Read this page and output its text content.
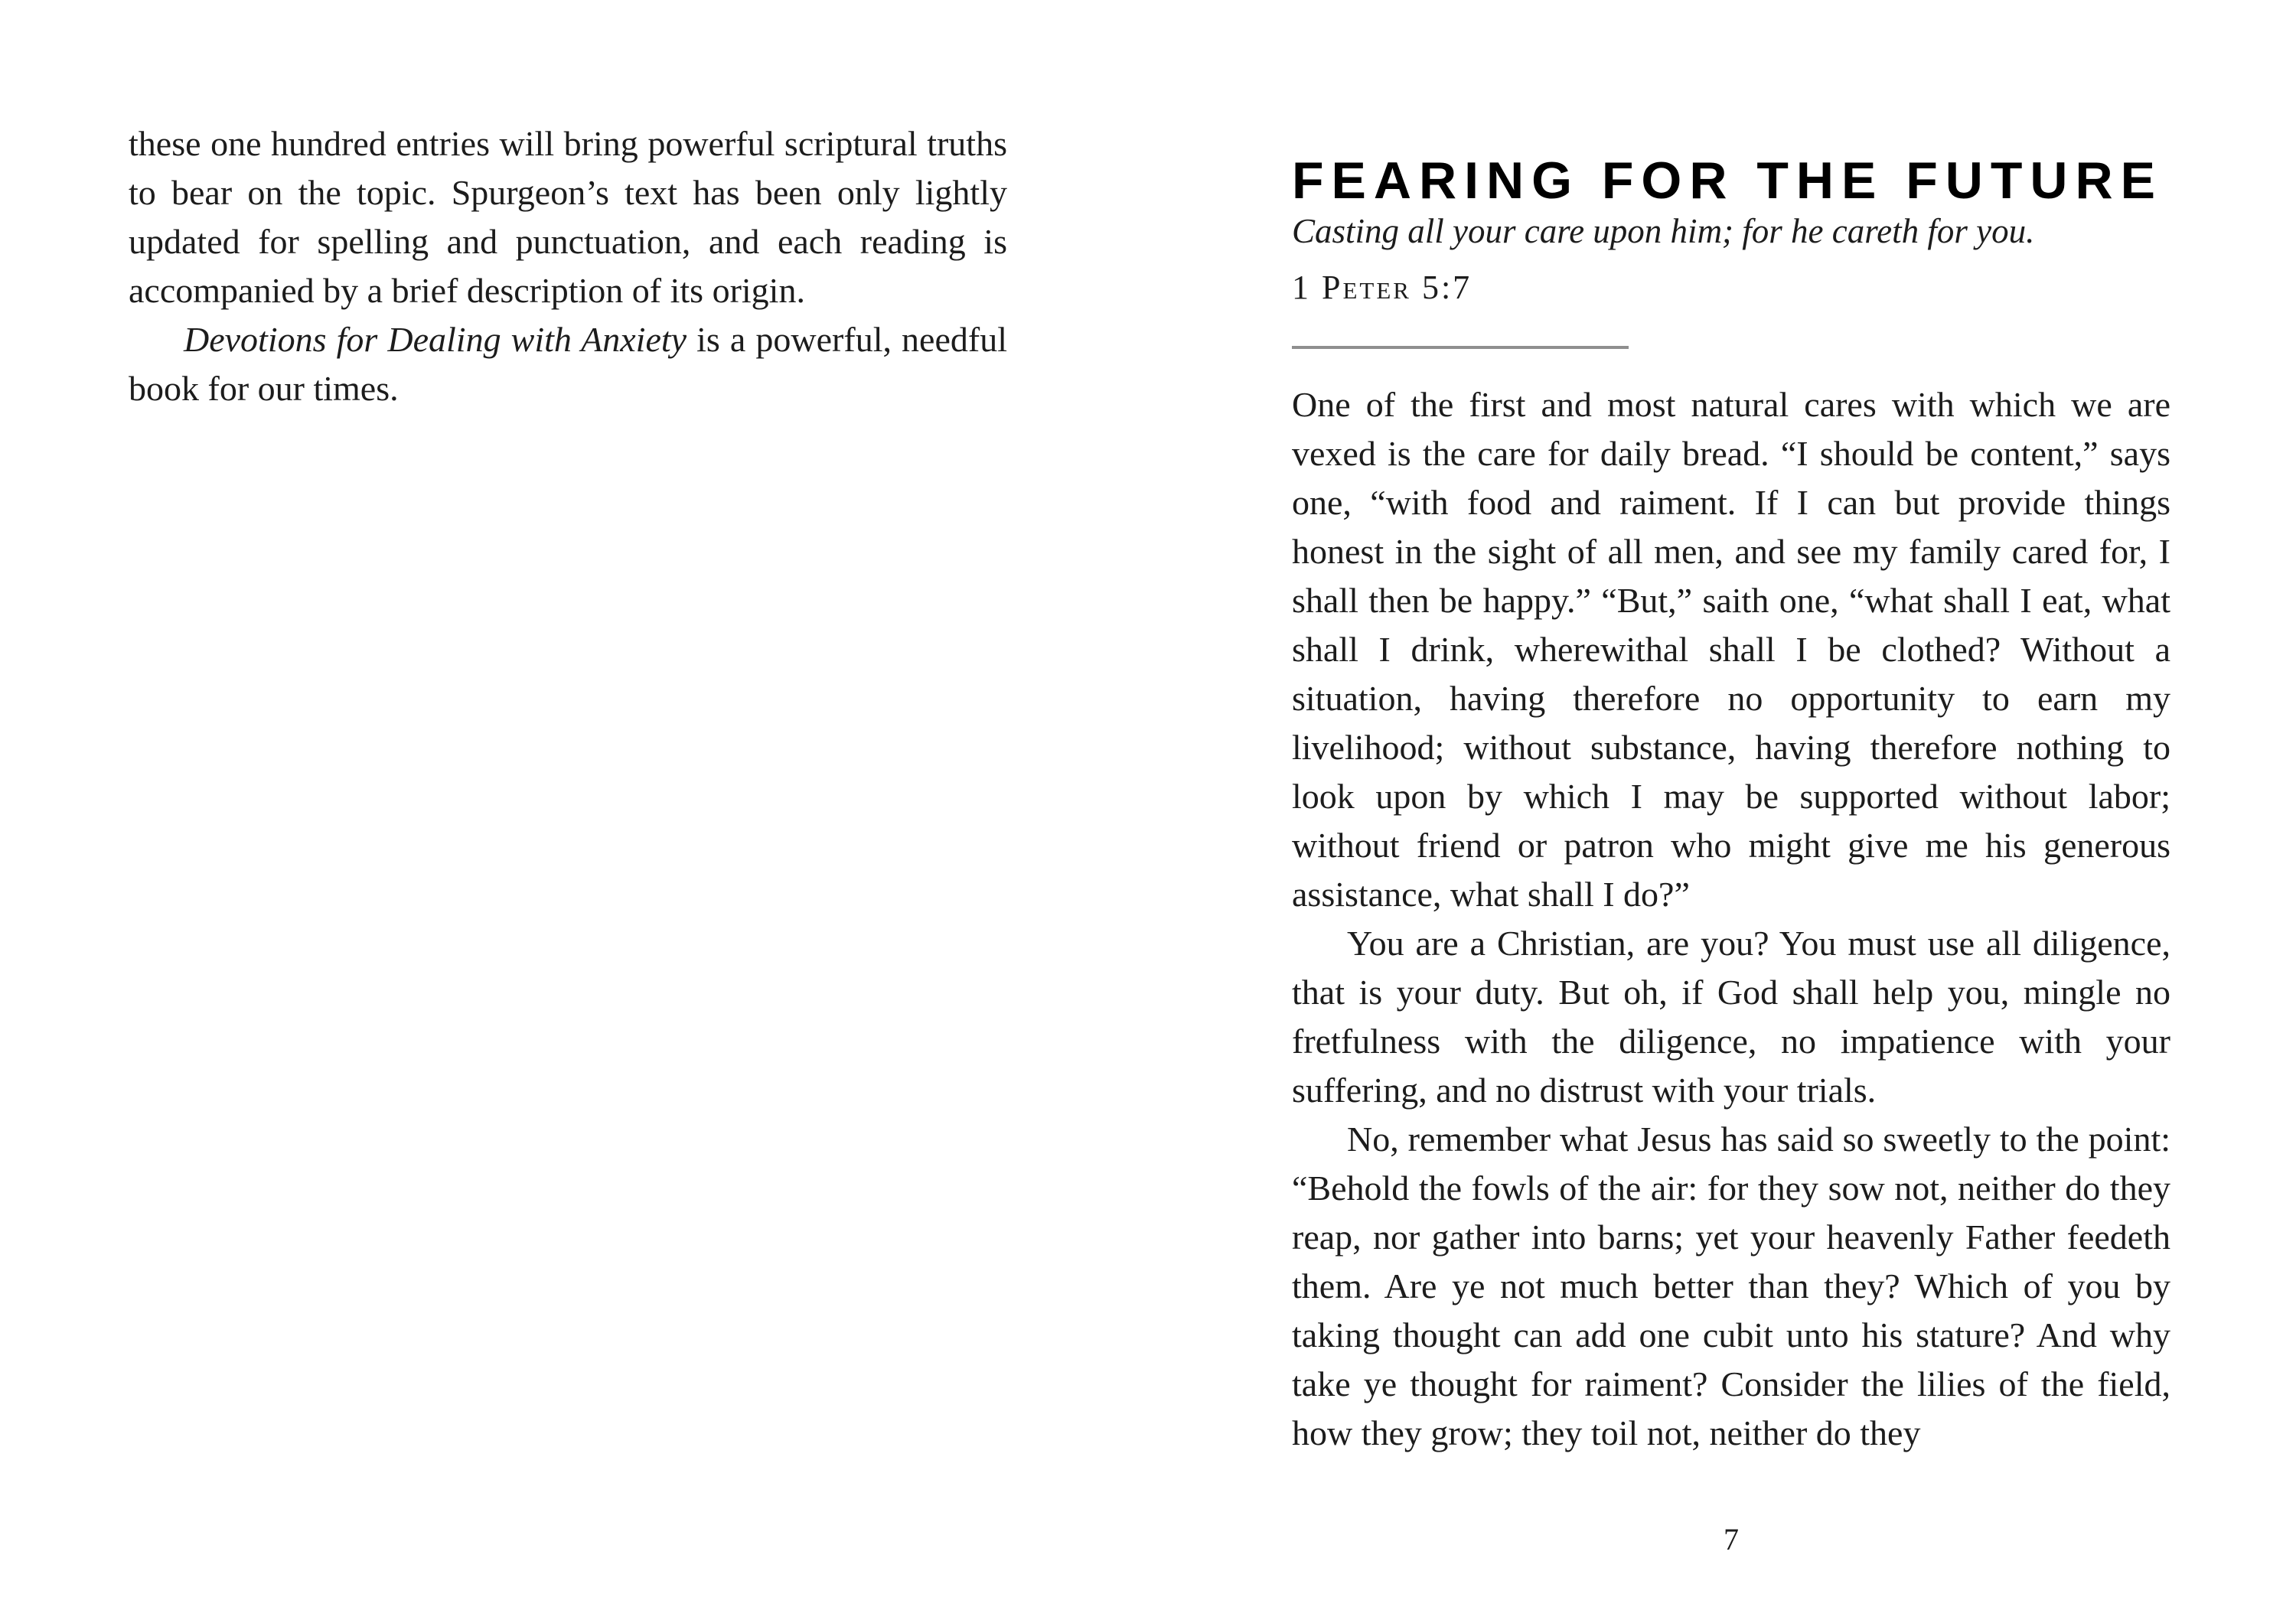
these one hundred entries will bring powerful scriptural truths to bear on the topic. Spurgeon’s text has been only lightly updated for spelling and punctuation, and each reading is accompanied by a brief description of its origin.

Devotions for Dealing with Anxiety is a powerful, needful book for our times.

FEARING FOR THE FUTURE
Casting all your care upon him; for he careth for you.
1 Peter 5:7

One of the first and most natural cares with which we are vexed is the care for daily bread. “I should be content,” says one, “with food and raiment. If I can but provide things honest in the sight of all men, and see my family cared for, I shall then be happy.” “But,” saith one, “what shall I eat, what shall I drink, wherewithal shall I be clothed? Without a situation, having therefore no opportunity to earn my livelihood; without substance, having therefore nothing to look upon by which I may be supported without labor; without friend or patron who might give me his generous assistance, what shall I do?”

You are a Christian, are you? You must use all diligence, that is your duty. But oh, if God shall help you, mingle no fretfulness with the diligence, no impatience with your suffering, and no distrust with your trials.

No, remember what Jesus has said so sweetly to the point: “Behold the fowls of the air: for they sow not, neither do they reap, nor gather into barns; yet your heavenly Father feedeth them. Are ye not much better than they? Which of you by taking thought can add one cubit unto his stature? And why take ye thought for raiment? Consider the lilies of the field, how they grow; they toil not, neither do they

7
